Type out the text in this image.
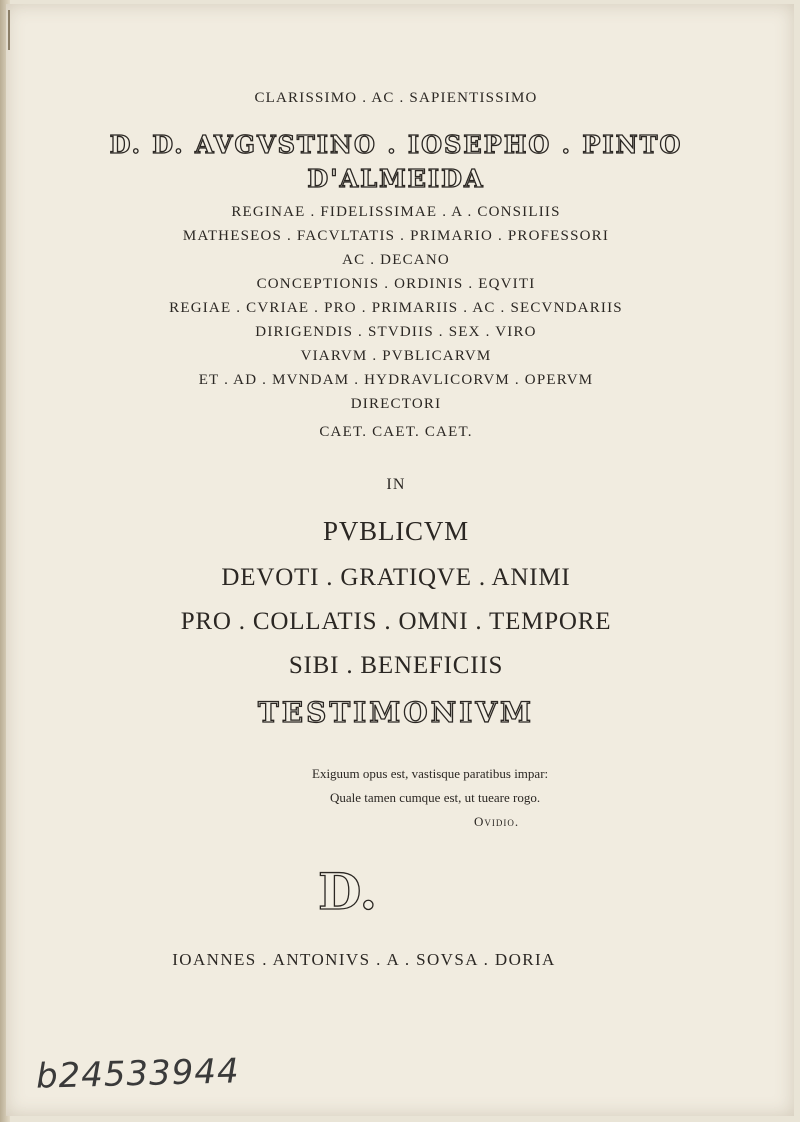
CLARISSIMO . AC . SAPIENTISSIMO
D. D. AVGVSTINO . IOSEPHO . PINTO
D'ALMEIDA
REGINAE . FIDELISSIMAE . A . CONSILIIS
MATHESEOS . FACVLTATIS . PRIMARIO . PROFESSORI
AC . DECANO
CONCEPTIONIS . ORDINIS . EQVITI
REGIAE . CVRIAE . PRO . PRIMARIIS . AC . SECVNDARIIS
DIRIGENDIS . STVDIIS . SEX . VIRO
VIARVM . PVBLICARVM
ET . AD . MVNDAM . HYDRAVLICORVM . OPERVM
DIRECTORI
CAET. CAET. CAET.
IN
PVBLICVM
DEVOTI . GRATIQVE . ANIMI
PRO . COLLATIS . OMNI . TEMPORE
SIBI . BENEFICIIS
TESTIMONIVM
Exiguum opus est, vastisque paratibus impar:
Quale tamen cumque est, ut tueare rogo.
Ovidio.
D.
IOANNES . ANTONIVS . A . SOVSA . DORIA
b24533944
